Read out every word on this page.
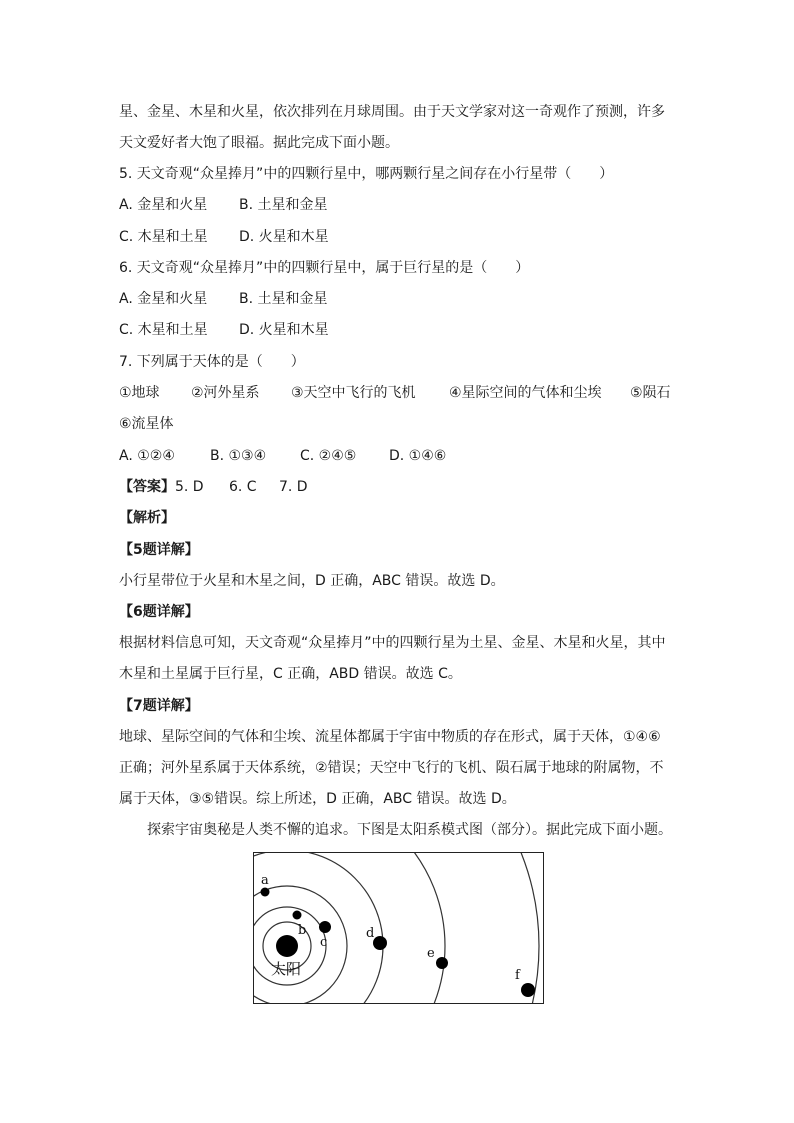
星、金星、木星和火星，依次排列在月球周围。由于天文学家对这一奇观作了预测，许多
天文爱好者大饱了眼福。据此完成下面小题。
5. 天文奇观“众星捧月”中的四颗行星中，哪两颗行星之间存在小行星带（　　）
A. 金星和火星 B. 土星和金星
C. 木星和土星 D. 火星和木星
6. 天文奇观“众星捧月”中的四颗行星中，属于巨行星的是（　　）
A. 金星和火星 B. 土星和金星
C. 木星和土星 D. 火星和木星
7. 下列属于天体的是（　　）
①地球 ②河外星系 ③天空中飞行的飞机 ④星际空间的气体和尘埃 ⑤陨石
⑥流星体
A. ①②④	B. ①③④ C. ②④⑤ D. ①④⑥
【答案】 5. D 6. C 7. D
【解析】
【5题详解】
小行星带位于火星和木星之间，D 正确，ABC 错误。故选 D。
【6题详解】
根据材料信息可知，天文奇观“众星捧月”中的四颗行星为土星、金星、木星和火星，其中
木星和土星属于巨行星，C 正确，ABD 错误。故选 C。
【7题详解】
地球、星际空间的气体和尘埃、流星体都属于宇宙中物质的存在形式，属于天体，①④⑥
正确；河外星系属于天体系统，②错误；天空中飞行的飞机、陨石属于地球的附属物，不
属于天体，③⑤错误。综上所述，D 正确，ABC 错误。故选 D。
探索宇宙奥秘是人类不懈的追求。下图是太阳系模式图（部分）。据此完成下面小题。
太阳
a
b
c
d
e
f
